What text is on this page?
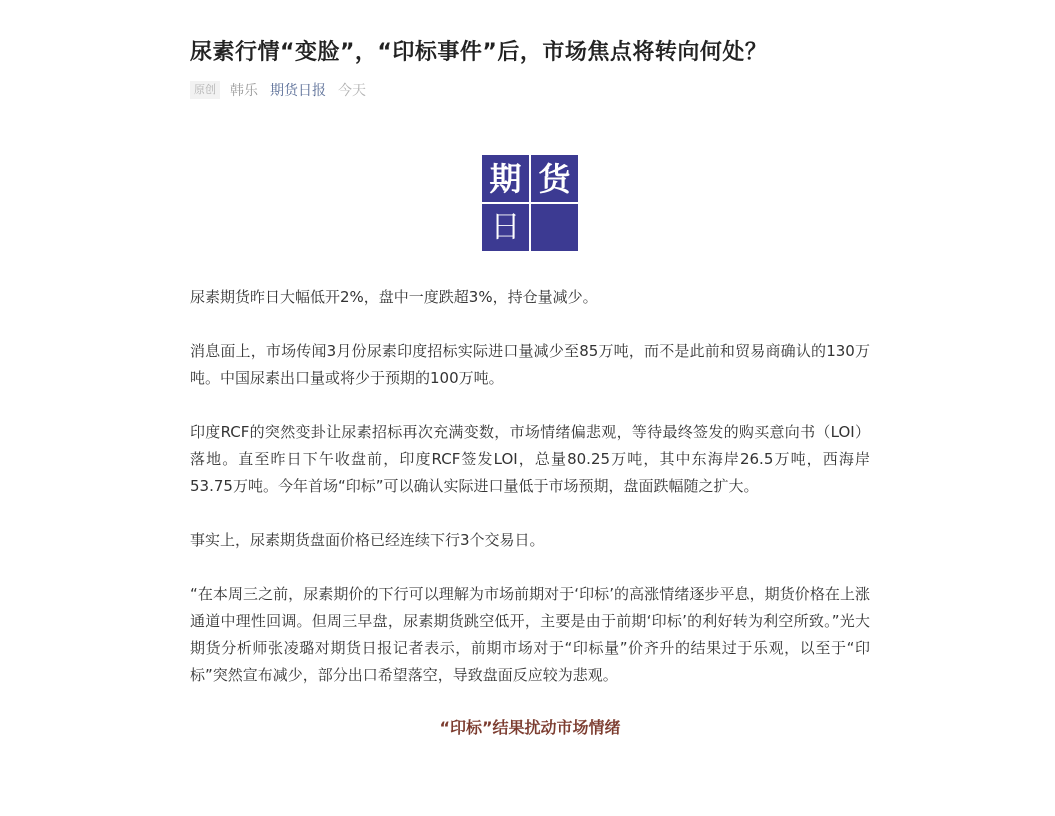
尿素行情“变脸”，“印标事件”后，市场焦点将转向何处？
原创 韩乐 期货日报 今天
期 货
日

尿素期货昨日大幅低开2%，盘中一度跌超3%，持仓量减少。

消息面上，市场传闻3月份尿素印度招标实际进口量减少至85万吨，而不是此前和贸易商确认的130万吨。中国尿素出口量或将少于预期的100万吨。

印度RCF的突然变卦让尿素招标再次充满变数，市场情绪偏悲观，等待最终签发的购买意向书（LOI）落地。直至昨日下午收盘前，印度RCF签发LOI，总量80.25万吨，其中东海岸26.5万吨，西海岸53.75万吨。今年首场“印标”可以确认实际进口量低于市场预期，盘面跌幅随之扩大。

事实上，尿素期货盘面价格已经连续下行3个交易日。

“在本周三之前，尿素期价的下行可以理解为市场前期对于‘印标’的高涨情绪逐步平息，期货价格在上涨通道中理性回调。但周三早盘，尿素期货跳空低开，主要是由于前期‘印标’的利好转为利空所致。”光大期货分析师张凌璐对期货日报记者表示，前期市场对于“印标量”价齐升的结果过于乐观，以至于“印标”突然宣布减少，部分出口希望落空，导致盘面反应较为悲观。

“印标”结果扰动市场情绪
